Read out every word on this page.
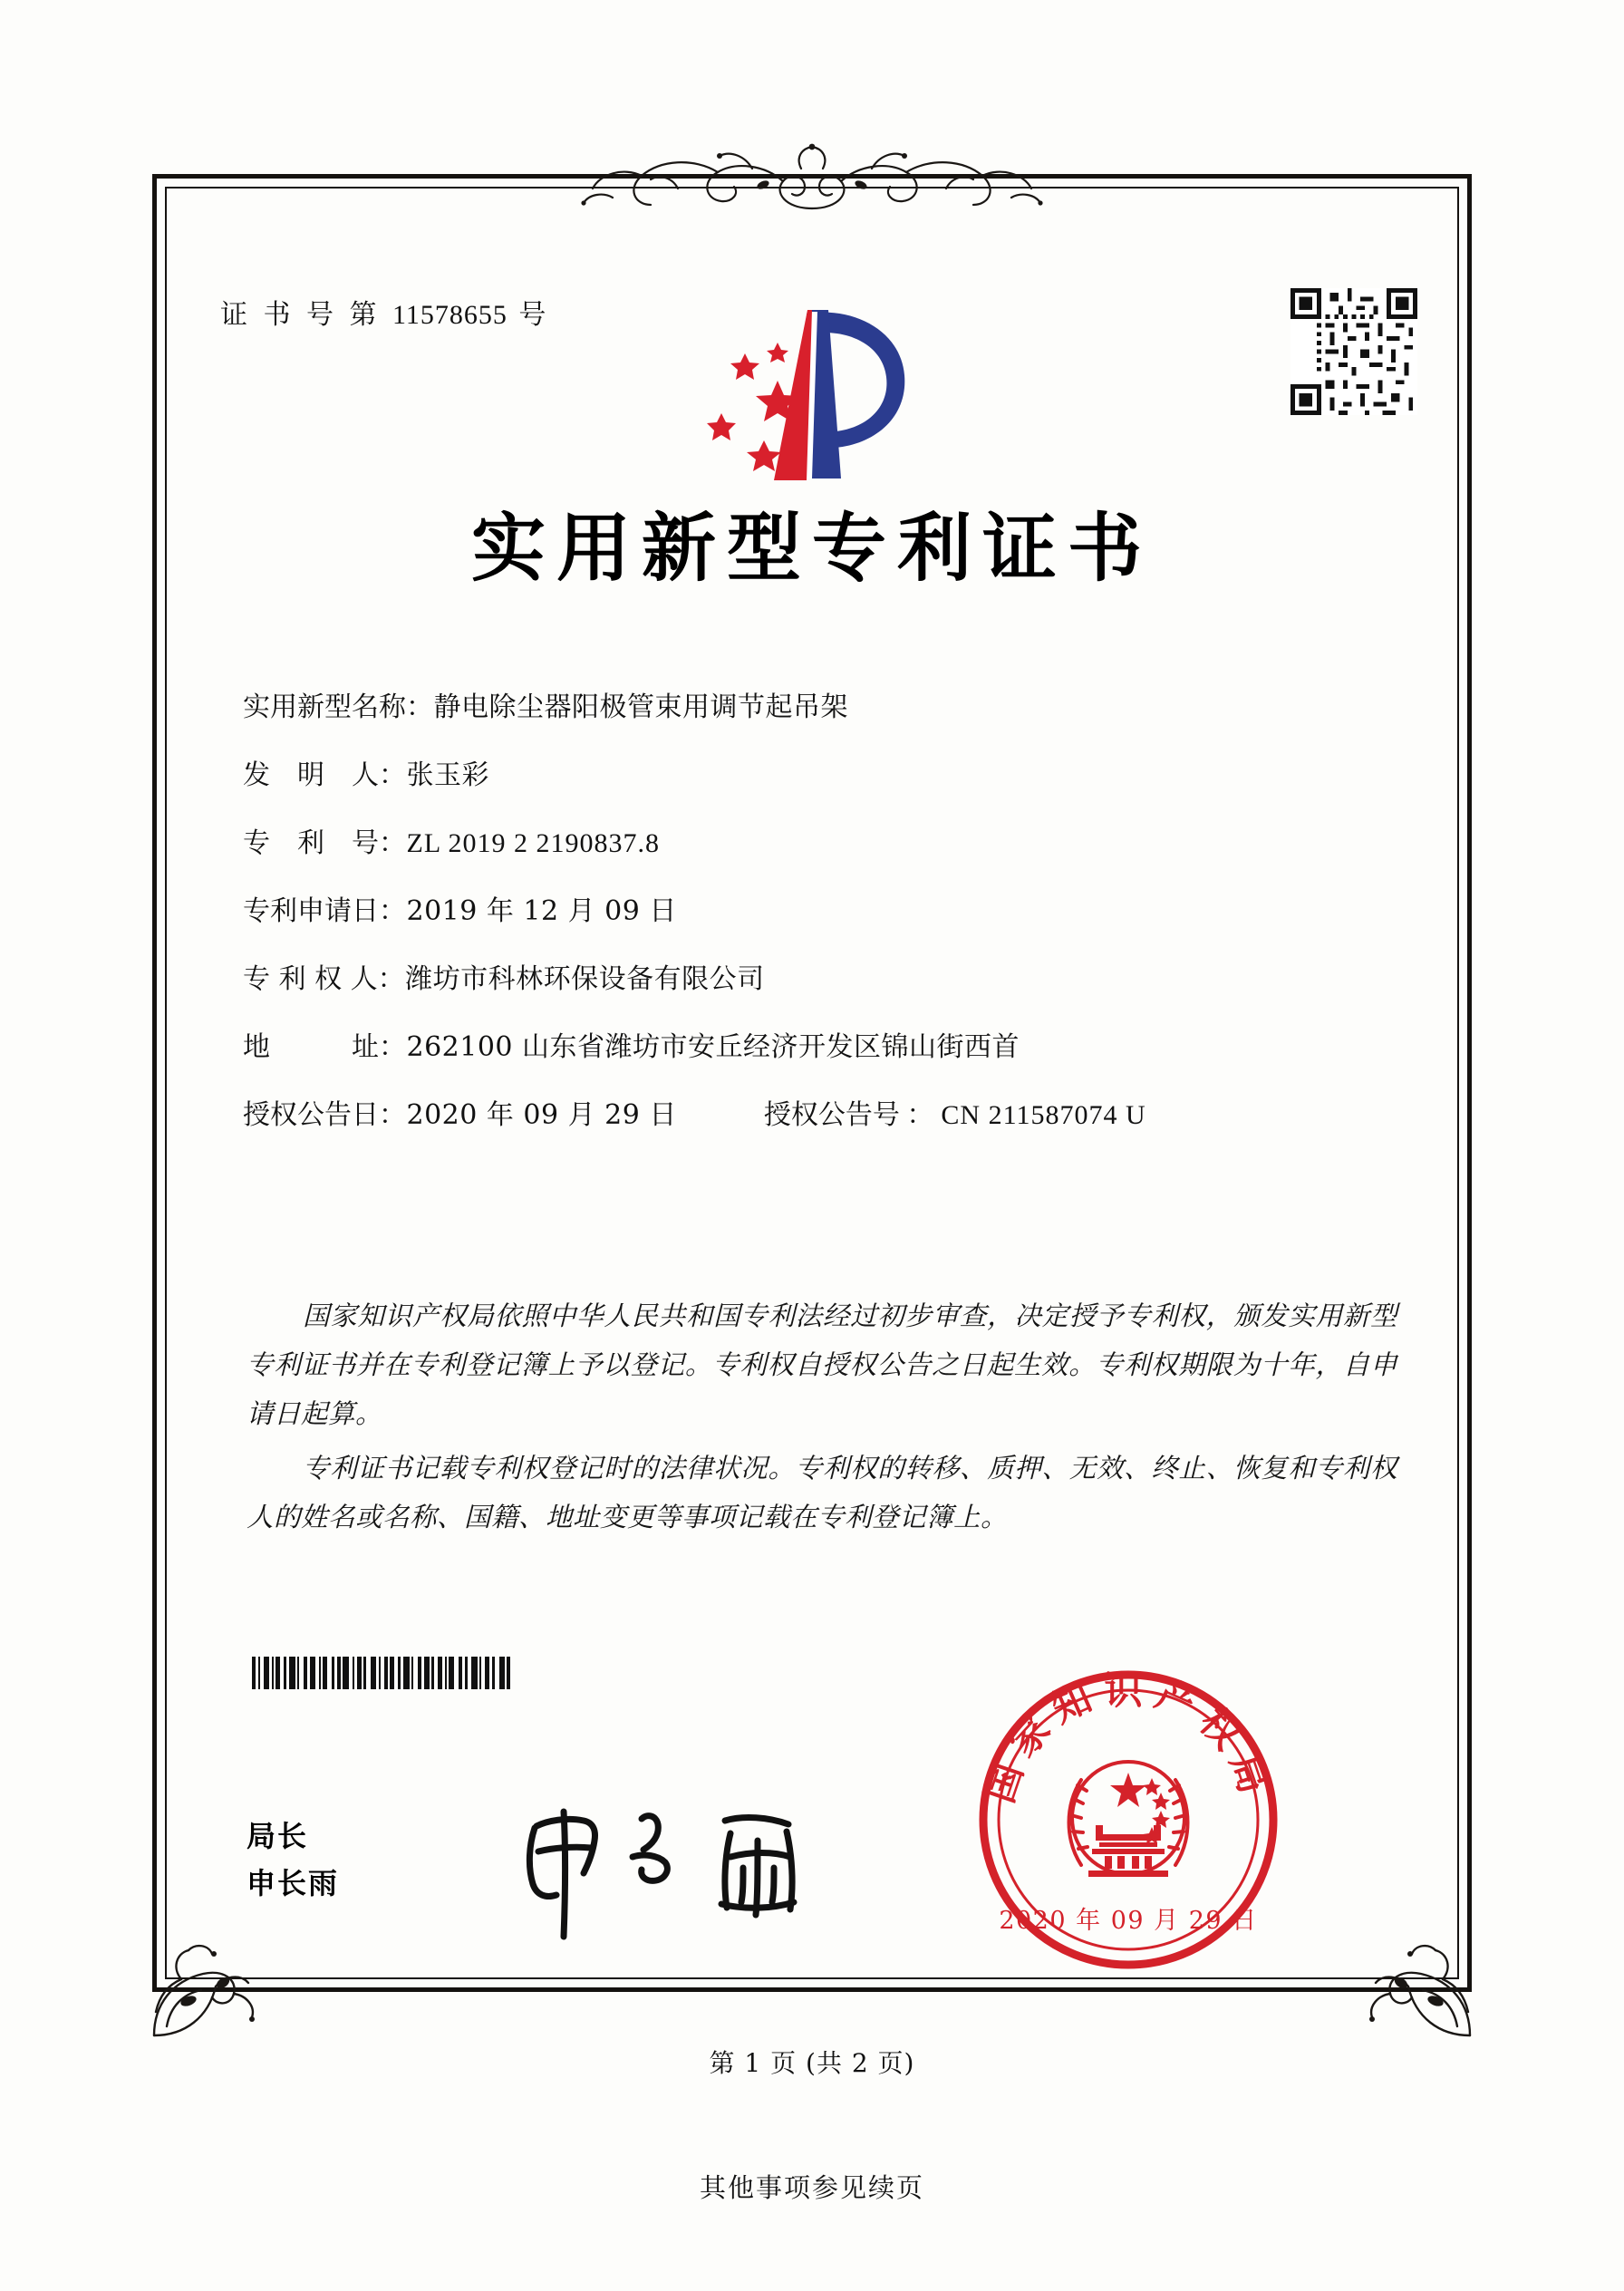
证 书 号 第 11578655 号
实用新型专利证书
实用新型名称 ： 静电除尘器阳极管束用调节起吊架
发　明　人 ： 张玉彩
专　利　号 ： ZL 2019 2 2190837.8
专利申请日 ： 2019 年 12 月 09 日
专 利 权 人 ： 潍坊市科林环保设备有限公司
地　　　址 ： 262100 山东省潍坊市安丘经济开发区锦山街西首
授权公告日 ： 2020 年 09 月 29 日	授权公告号 ： CN 211587074 U

国家知识产权局依照中华人民共和国专利法经过初步审查，决定授予专利权，颁发实用新型专利证书并在专利登记簿上予以登记。专利权自授权公告之日起生效。专利权期限为十年，自申请日起算。

专利证书记载专利权登记时的法律状况。专利权的转移、质押、无效、终止、恢复和专利权人的姓名或名称、国籍、地址变更等事项记载在专利登记簿上。

国家知识产权局
2020 年 09 月 29 日
局长
申长雨
第 1 页 (共 2 页)
其他事项参见续页
